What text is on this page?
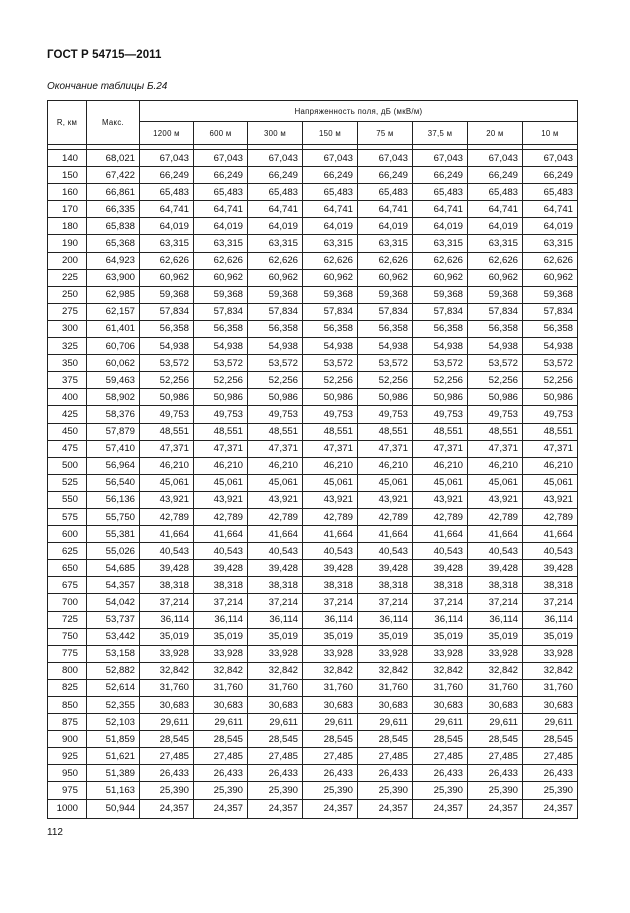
ГОСТ Р 54715—2011
Окончание таблицы Б.24
R, км	Макс.	Напряженность поля, дБ (мкВ/м)							
		1200 м	600 м	300 м	150 м	75 м	37,5 м	20 м	10 м

140	68,021	67,043	67,043	67,043	67,043	67,043	67,043	67,043	67,043
150	67,422	66,249	66,249	66,249	66,249	66,249	66,249	66,249	66,249
160	66,861	65,483	65,483	65,483	65,483	65,483	65,483	65,483	65,483
170	66,335	64,741	64,741	64,741	64,741	64,741	64,741	64,741	64,741
180	65,838	64,019	64,019	64,019	64,019	64,019	64,019	64,019	64,019
190	65,368	63,315	63,315	63,315	63,315	63,315	63,315	63,315	63,315
200	64,923	62,626	62,626	62,626	62,626	62,626	62,626	62,626	62,626
225	63,900	60,962	60,962	60,962	60,962	60,962	60,962	60,962	60,962
250	62,985	59,368	59,368	59,368	59,368	59,368	59,368	59,368	59,368
275	62,157	57,834	57,834	57,834	57,834	57,834	57,834	57,834	57,834
300	61,401	56,358	56,358	56,358	56,358	56,358	56,358	56,358	56,358
325	60,706	54,938	54,938	54,938	54,938	54,938	54,938	54,938	54,938
350	60,062	53,572	53,572	53,572	53,572	53,572	53,572	53,572	53,572
375	59,463	52,256	52,256	52,256	52,256	52,256	52,256	52,256	52,256
400	58,902	50,986	50,986	50,986	50,986	50,986	50,986	50,986	50,986
425	58,376	49,753	49,753	49,753	49,753	49,753	49,753	49,753	49,753
450	57,879	48,551	48,551	48,551	48,551	48,551	48,551	48,551	48,551
475	57,410	47,371	47,371	47,371	47,371	47,371	47,371	47,371	47,371
500	56,964	46,210	46,210	46,210	46,210	46,210	46,210	46,210	46,210
525	56,540	45,061	45,061	45,061	45,061	45,061	45,061	45,061	45,061
550	56,136	43,921	43,921	43,921	43,921	43,921	43,921	43,921	43,921
575	55,750	42,789	42,789	42,789	42,789	42,789	42,789	42,789	42,789
600	55,381	41,664	41,664	41,664	41,664	41,664	41,664	41,664	41,664
625	55,026	40,543	40,543	40,543	40,543	40,543	40,543	40,543	40,543
650	54,685	39,428	39,428	39,428	39,428	39,428	39,428	39,428	39,428
675	54,357	38,318	38,318	38,318	38,318	38,318	38,318	38,318	38,318
700	54,042	37,214	37,214	37,214	37,214	37,214	37,214	37,214	37,214
725	53,737	36,114	36,114	36,114	36,114	36,114	36,114	36,114	36,114
750	53,442	35,019	35,019	35,019	35,019	35,019	35,019	35,019	35,019
775	53,158	33,928	33,928	33,928	33,928	33,928	33,928	33,928	33,928
800	52,882	32,842	32,842	32,842	32,842	32,842	32,842	32,842	32,842
825	52,614	31,760	31,760	31,760	31,760	31,760	31,760	31,760	31,760
850	52,355	30,683	30,683	30,683	30,683	30,683	30,683	30,683	30,683
875	52,103	29,611	29,611	29,611	29,611	29,611	29,611	29,611	29,611
900	51,859	28,545	28,545	28,545	28,545	28,545	28,545	28,545	28,545
925	51,621	27,485	27,485	27,485	27,485	27,485	27,485	27,485	27,485
950	51,389	26,433	26,433	26,433	26,433	26,433	26,433	26,433	26,433
975	51,163	25,390	25,390	25,390	25,390	25,390	25,390	25,390	25,390
1000	50,944	24,357	24,357	24,357	24,357	24,357	24,357	24,357	24,357
112
